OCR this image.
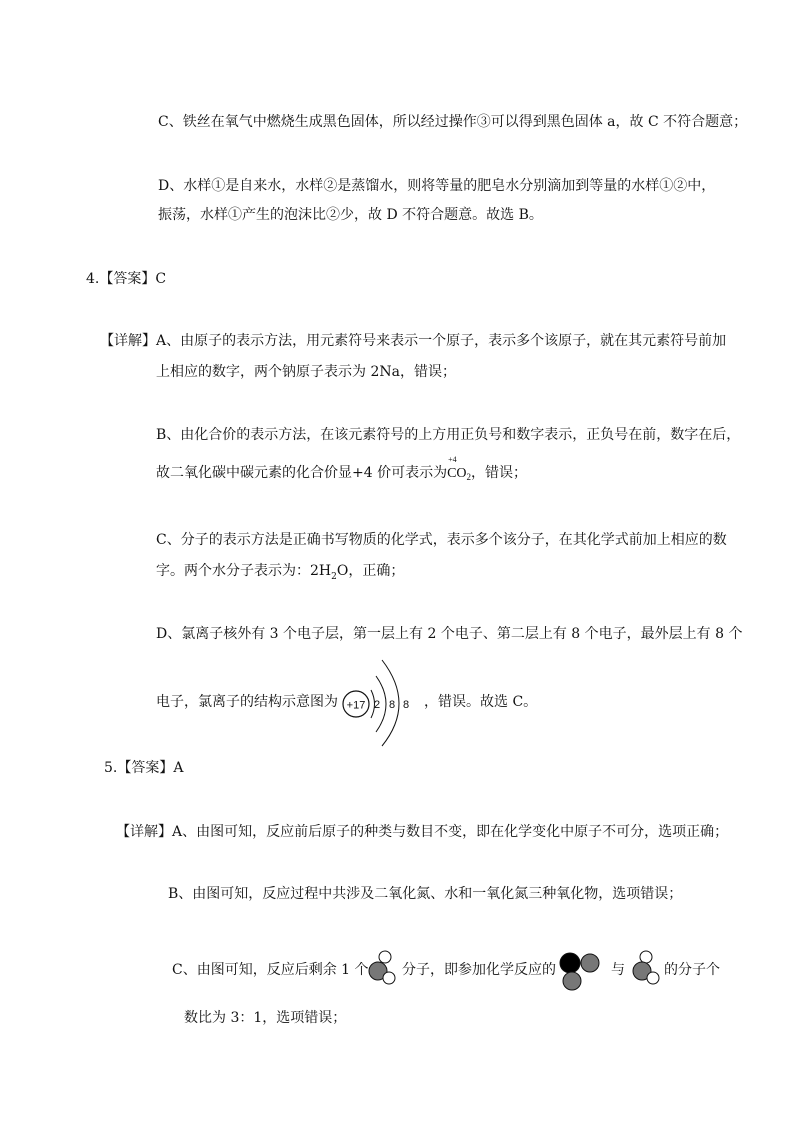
C、铁丝在氧气中燃烧生成黑色固体，所以经过操作③可以得到黑色固体 a，故 C 不符合题意；
D、水样①是自来水，水样②是蒸馏水，则将等量的肥皂水分别滴加到等量的水样①②中，
振荡，水样①产生的泡沫比②少，故 D 不符合题意。故选 B。
4.【答案】C
【详解】A、由原子的表示方法，用元素符号来表示一个原子，表示多个该原子，就在其元素符号前加
上相应的数字，两个钠原子表示为 2Na，错误；
B、由化合价的表示方法，在该元素符号的上方用正负号和数字表示，正负号在前，数字在后，
故二氧化碳中碳元素的化合价显+4 价可表示为
+4
$CO_2$，错误；
C、分子的表示方法是正确书写物质的化学式，表示多个该分子，在其化学式前加上相应的数
字。两个水分子表示为：$2H_2O$，正确；
D、氯离子核外有 3 个电子层，第一层上有 2 个电子、第二层上有 8 个电子，最外层上有 8 个
电子，氯离子的结构示意图为 +17 2 8 8 ，错误。故选 C。
5.【答案】A
【详解】A、由图可知，反应前后原子的种类与数目不变，即在化学变化中原子不可分，选项正确；
B、由图可知，反应过程中共涉及二氧化氮、水和一氧化氮三种氧化物，选项错误；
C、由图可知，反应后剩余 1 个 分子，即参加化学反应的	与	的分子个
数比为 3：1，选项错误；
